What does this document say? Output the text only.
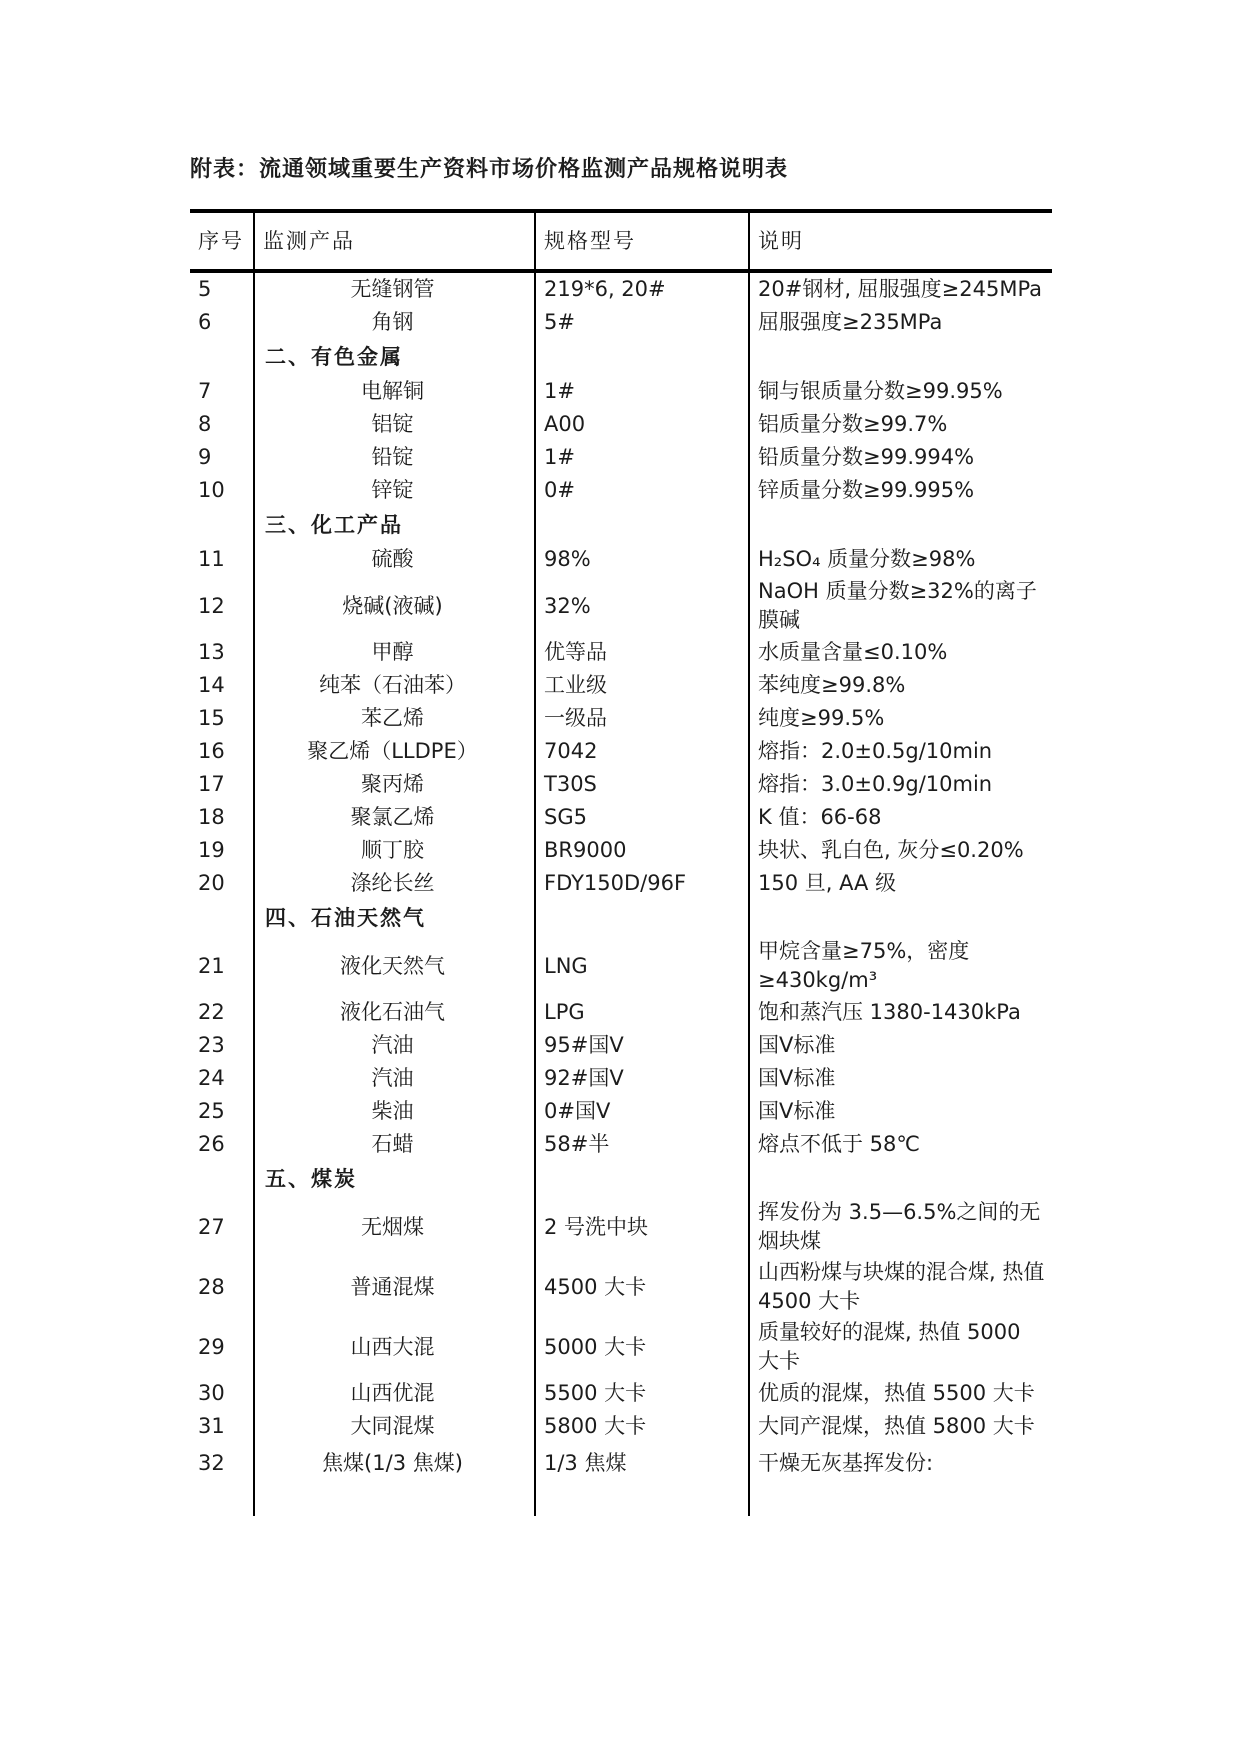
附表：流通领域重要生产资料市场价格监测产品规格说明表
序号	监测产品	规格型号	说明
5	无缝钢管	219*6, 20#	20#钢材, 屈服强度≥245MPa
6	角钢	5#	屈服强度≥235MPa
	二、有色金属		
7	电解铜	1#	铜与银质量分数≥99.95%
8	铝锭	A00	铝质量分数≥99.7%
9	铅锭	1#	铅质量分数≥99.994%
10	锌锭	0#	锌质量分数≥99.995%
	三、化工产品		
11	硫酸	98%	H₂SO₄ 质量分数≥98%
12	烧碱(液碱)	32%	NaOH 质量分数≥32%的离子膜碱
13	甲醇	优等品	水质量含量≤0.10%
14	纯苯（石油苯）	工业级	苯纯度≥99.8%
15	苯乙烯	一级品	纯度≥99.5%
16	聚乙烯（LLDPE）	7042	熔指：2.0±0.5g/10min
17	聚丙烯	T30S	熔指：3.0±0.9g/10min
18	聚氯乙烯	SG5	K 值：66-68
19	顺丁胶	BR9000	块状、乳白色, 灰分≤0.20%
20	涤纶长丝	FDY150D/96F	150 旦, AA 级
	四、石油天然气		
21	液化天然气	LNG	甲烷含量≥75%，密度≥430kg/m³
22	液化石油气	LPG	饱和蒸汽压 1380-1430kPa
23	汽油	95#国Ⅴ	国Ⅴ标准
24	汽油	92#国Ⅴ	国Ⅴ标准
25	柴油	0#国Ⅴ	国Ⅴ标准
26	石蜡	58#半	熔点不低于 58℃
	五、煤炭		
27	无烟煤	2 号洗中块	挥发份为 3.5—6.5%之间的无烟块煤
28	普通混煤	4500 大卡	山西粉煤与块煤的混合煤, 热值 4500 大卡
29	山西大混	5000 大卡	质量较好的混煤, 热值 5000 大卡
30	山西优混	5500 大卡	优质的混煤，热值 5500 大卡
31	大同混煤	5800 大卡	大同产混煤，热值 5800 大卡
32	焦煤(1/3 焦煤)	1/3 焦煤	干燥无灰基挥发份:
